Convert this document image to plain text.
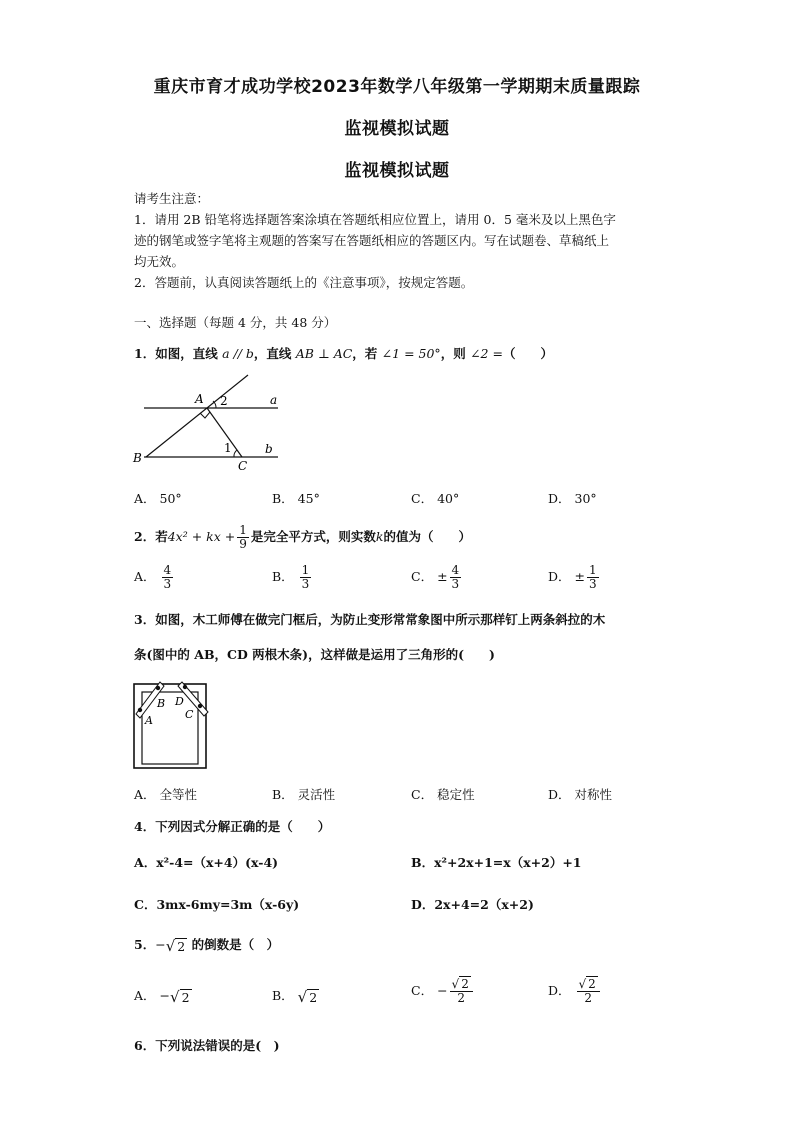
重庆市育才成功学校2023年数学八年级第一学期期末质量跟踪
监视模拟试题
监视模拟试题
请考生注意：
1．请用 2B 铅笔将选择题答案涂填在答题纸相应位置上，请用 0．5 毫米及以上黑色字
迹的钢笔或签字笔将主观题的答案写在答题纸相应的答题区内。写在试题卷、草稿纸上
均无效。
2．答题前，认真阅读答题纸上的《注意事项》，按规定答题。
一、选择题（每题 4 分，共 48 分）
1．如图，直线 a // b，直线 AB ⊥ AC，若 ∠1 = 50°，则 ∠2 =（　　）
A 2	a
1	b
B
C
A． 50°	B． 45°	C． 40°	D． 30°
2．若4x² + kx + $\frac{1}{9}$ 是完全平方式，则实数k的值为（　　）
A． $\frac{4}{3}$	B． $\frac{1}{3}$	C． ± $\frac{4}{3}$	D． ± $\frac{1}{3}$
3．如图，木工师傅在做完门框后，为防止变形常常象图中所示那样钉上两条斜拉的木
条(图中的 AB，CD 两根木条)，这样做是运用了三角形的(　　)
A
B D
C
A． 全等性	B． 灵活性	C． 稳定性	D． 对称性
4．下列因式分解正确的是（　　）
A．x²-4=（x+4）(x-4)	B．x²+2x+1=x（x+2）+1
C．3mx-6my=3m（x-6y)	D．2x+4=2（x+2)
5．−√ 2 的倒数是（　）
A． −√ 2	B． √ 2	C． − $\frac{√ 2}{2}$	D． $\frac{√ 2}{2}$
6．下列说法错误的是(　)
